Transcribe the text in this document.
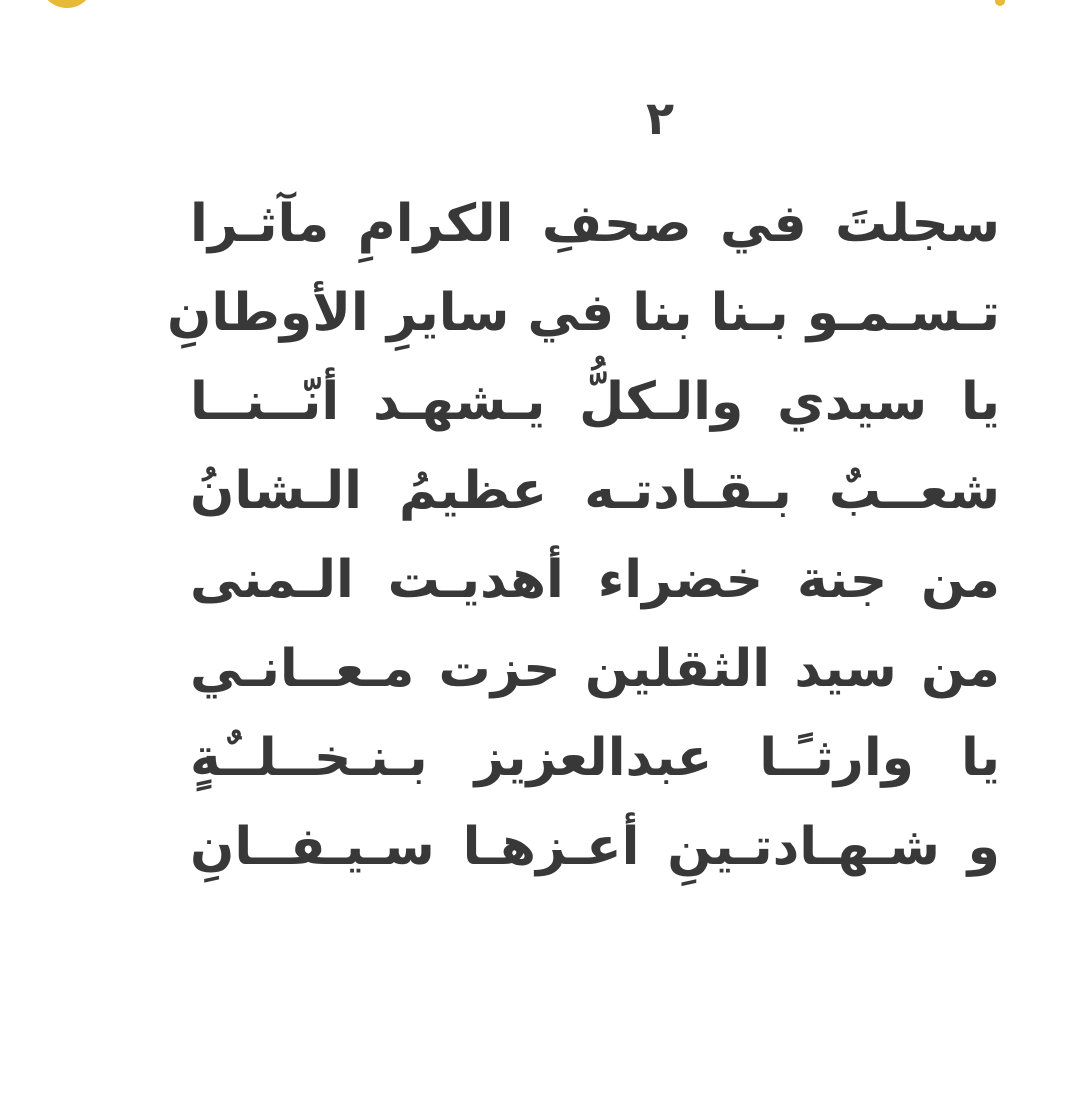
٢
سجلتَ في صحفِ الكرامِ مآثـرا
تـسـمـو بـنا بنا في سايرِ الأوطانِ
يا سيدي والـكلُّ يـشهـد أنّــنــا
شعــبٌ بـقـادتـه عظيمُ الـشانُ
من جنة خضراء أهديـت الـمنى
من سيد الثقلين حزت مـعــانـي
يا وارثـًـا عبدالعزيز بـنـخــلــٌةٍ
و شـهـادتـينِ أعـزهـا سـيـفــانِ
